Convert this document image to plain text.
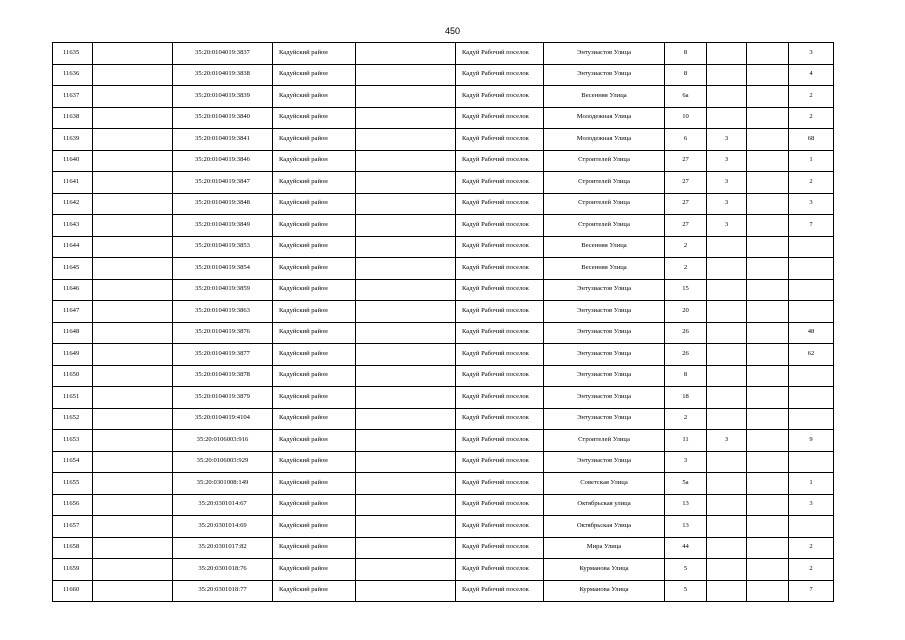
450
11635		35:20:0104019:3837	Кадуйский район		Кадуй Рабочий поселок	Энтузиастов Улица	8			3
11636		35:20:0104019:3838	Кадуйский район		Кадуй Рабочий поселок	Энтузиастов Улица	8			4
11637		35:20:0104019:3839	Кадуйский район		Кадуй Рабочий поселок	Весенняя Улица	6а			2
11638		35:20:0104019:3840	Кадуйский район		Кадуй Рабочий поселок	Молодежная Улица	10			2
11639		35:20:0104019:3841	Кадуйский район		Кадуй Рабочий поселок	Молодежная Улица	6	3		68
11640		35:20:0104019:3846	Кадуйский район		Кадуй Рабочий поселок	Строителей Улица	27	3		1
11641		35:20:0104019:3847	Кадуйский район		Кадуй Рабочий поселок	Строителей Улица	27	3		2
11642		35:20:0104019:3848	Кадуйский район		Кадуй Рабочий поселок	Строителей Улица	27	3		3
11643		35:20:0104019:3849	Кадуйский район		Кадуй Рабочий поселок	Строителей Улица	27	3		7
11644		35:20:0104019:3853	Кадуйский район		Кадуй Рабочий поселок	Весенняя Улица	2			
11645		35:20:0104019:3854	Кадуйский район		Кадуй Рабочий поселок	Весенняя Улица	2			
11646		35:20:0104019:3859	Кадуйский район		Кадуй Рабочий поселок	Энтузиастов Улица	15			
11647		35:20:0104019:3863	Кадуйский район		Кадуй Рабочий поселок	Энтузиастов Улица	20			
11648		35:20:0104019:3876	Кадуйский район		Кадуй Рабочий поселок	Энтузиастов Улица	26			48
11649		35:20:0104019:3877	Кадуйский район		Кадуй Рабочий поселок	Энтузиастов Улица	26			62
11650		35:20:0104019:3878	Кадуйский район		Кадуй Рабочий поселок	Энтузиастов Улица	8			
11651		35:20:0104019:3879	Кадуйский район		Кадуй Рабочий поселок	Энтузиастов Улица	18			
11652		35:20:0104019:4104	Кадуйский район		Кадуй Рабочий поселок	Энтузиастов Улица	2			
11653		35:20:0106003:916	Кадуйский район		Кадуй Рабочий поселок	Строителей Улица	11	3		9
11654		35:20:0106003:929	Кадуйский район		Кадуй Рабочий поселок	Энтузиастов Улица	3			
11655		35:20:0301008:149	Кадуйский район		Кадуй Рабочий поселок	Советская Улица	5а			1
11656		35:20:0301014:67	Кадуйский район		Кадуй Рабочий поселок	Октябрьская улица	13			3
11657		35:20:0301014:69	Кадуйский район		Кадуй Рабочий поселок	Октябрьская Улица	13			
11658		35:20:0301017:82	Кадуйский район		Кадуй Рабочий поселок	Мира Улица	44			2
11659		35:20:0301018:76	Кадуйский район		Кадуй Рабочий поселок	Курманова Улица	5			2
11660		35:20:0301018:77	Кадуйский район		Кадуй Рабочий поселок	Курманова Улица	5			7
